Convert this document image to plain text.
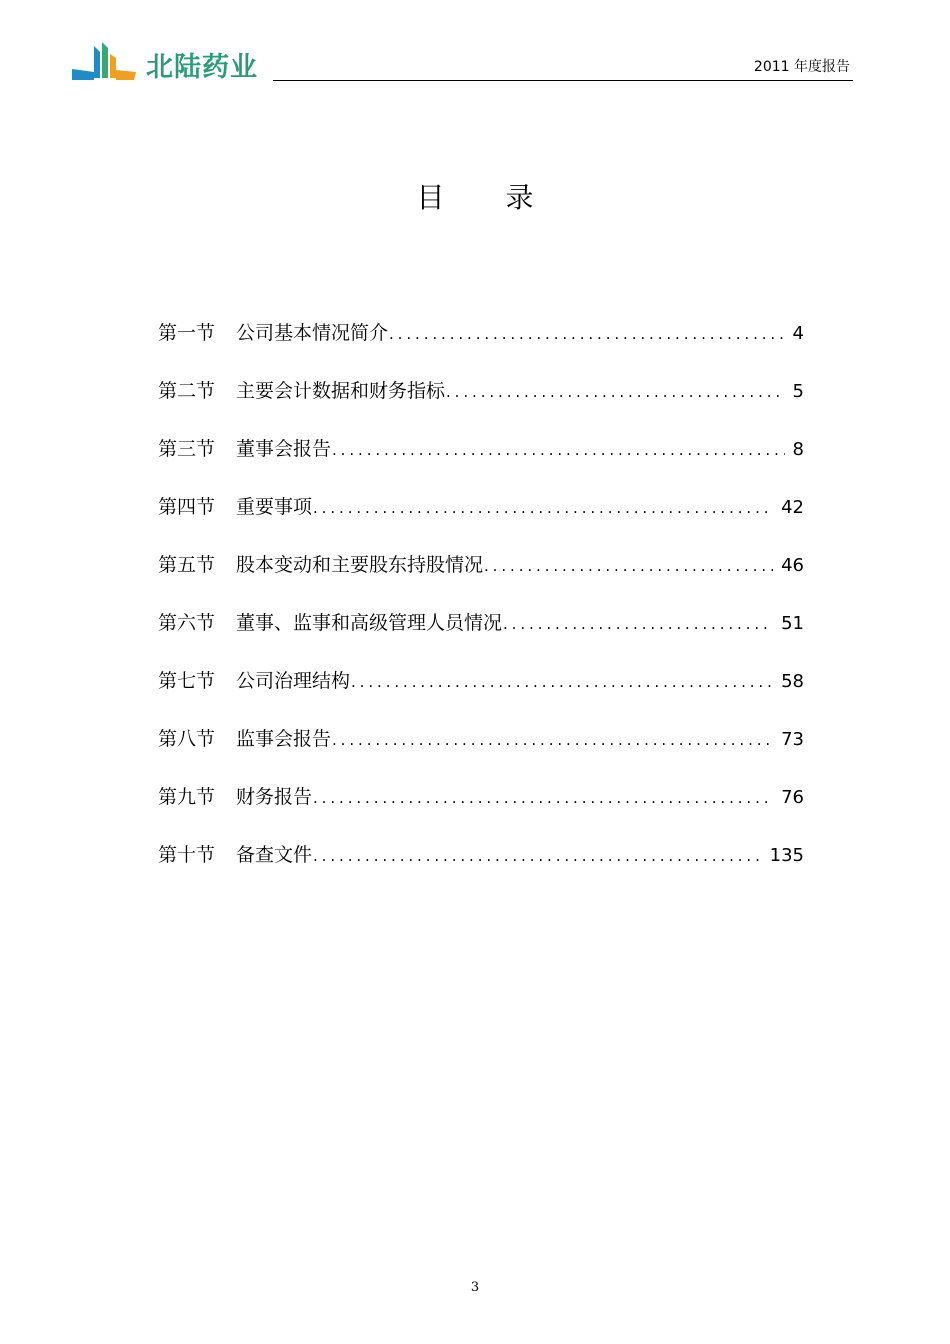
北陆药业	2011 年度报告
目 录
第一节	公司基本情况简介 .....	4
第二节	主要会计数据和财务指标 .....	5
第三节	董事会报告 .....	8
第四节	重要事项 .....	42
第五节	股本变动和主要股东持股情况 .....	46
第六节	董事、监事和高级管理人员情况 .....	51
第七节	公司治理结构 .....	58
第八节	监事会报告 .....	73
第九节	财务报告 .....	76
第十节	备查文件 .....	135
3
